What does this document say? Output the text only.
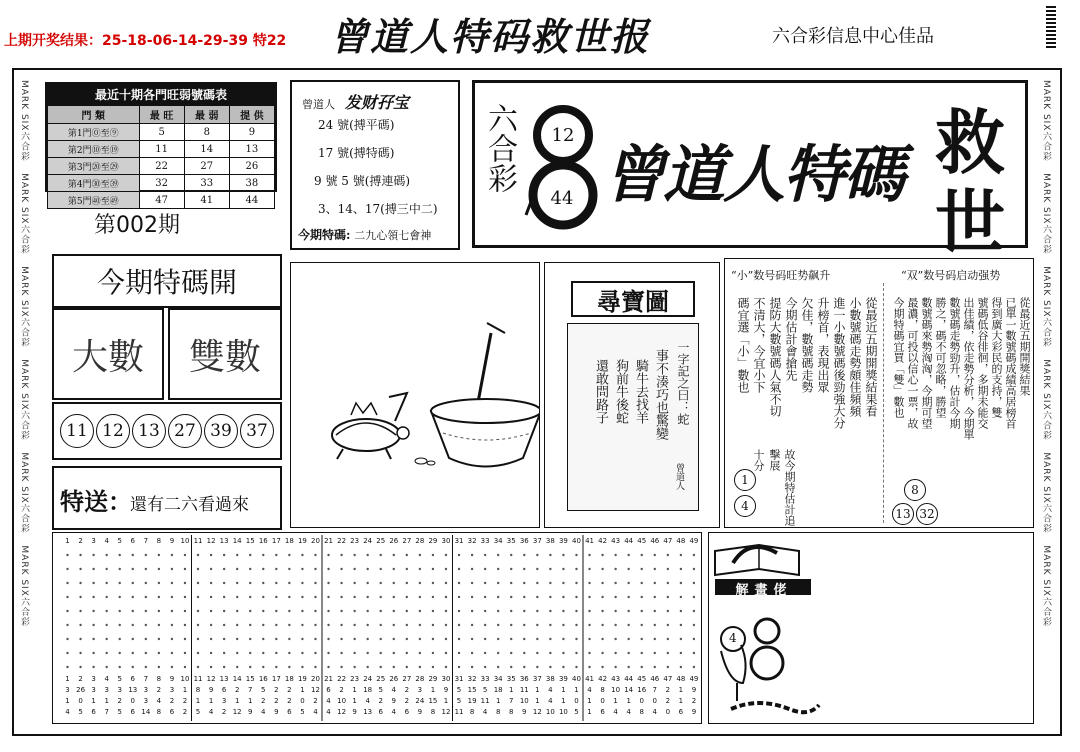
上期开奖结果：25-18-06-14-29-39 特22 曾道人特码救世报	六合彩信息中心佳品
MARK SIX六合彩   MARK SIX六合彩   MARK SIX六合彩   MARK SIX六合彩   MARK SIX六合彩   MARK SIX六合彩
MARK SIX六合彩   MARK SIX六合彩   MARK SIX六合彩   MARK SIX六合彩   MARK SIX六合彩   MARK SIX六合彩
最近十期各門旺弱號碼表
門 類	最 旺	最 弱	提 供
第1門⓪至⑨	5	8	9
第2門⑩至⑲	11	14	13
第3門⑳至㉙	22	27	26
第4門㉚至㊴	32	33	38
第5門㊵至㊾	47	41	44
第002期
曾道人 发财孖宝
24 號(搏平碼)
17 號(搏特碼)
9 號 5 號(搏連碼)
3、14、17(搏三中二)
今期特碼: 二九心領七會神
六合彩
12
44 曾道人特碼 救
世
今期特碼開
大數	雙數
11 12 13 27 39 37
特送：
還有二六看過來
尋寶圖
一字記之曰：蛇
事不湊巧也驚變
騎牛去找羊
狗前牛後蛇
還敢問路子
曾道人
“小”数号码旺势飙升	“双”数号码启动强势
從最近五期開獎結果看
小數號碼走勢頗佳頻頻
進一小數號碼後勁強大分
升榜首，表現出眾
欠佳，數號碼走勢
今期估計會搶先
提防大數號碼人氣不切
不清大，今宜小下
碼宜選「小」數也
故今期特估計追擊展
十分
1
4
從最近五期開獎結果
已單一數號碼成績高居榜首
得到廣大彩民的支持，雙
號碼低谷徘徊，多期未能交
出佳績，依走勢分析，今期單
數號碼走勢勁升，估計今期
勝之，碼不可忽略，勝望
數號碼來勢洶洶，今期可望
最濃，可投以信心一票，故
今期特碼宜買「雙」數也
8
13 32
1 2 3 4 5 6 7 8 9 10 11 12 13 14 15 16 17 18 19 20 21 22 23 24 25 26 27 28 29 30 31 32 33 34 35 36 37 38 39 40 41 42 43 44 45 46 47 48 49
1 2 3 4 5 6 7 8 9 10 11 12 13 14 15 16 17 18 19 20 21 22 23 24 25 26 27 28 29 30 31 32 33 34 35 36 37 38 39 40 41 42 43 44 45 46 47 48 49
3 26 3 3 3 13 3 2 3 1 8 9 6 2 7 5 2 2 1 12 6 2 1 18 5 4 2 3 1 9 5 15 5 18 1 11 1 4 1 1 4 8 10 14 16 7 2 1 9
1 0 1 1 2 0 3 4 2 2 1 1 3 1 1 2 2 2 0 2 4 10 1 4 2 9 2 24 15 1 5 19 11 1 7 10 1 4 1 0 1 0 1 1 0 0 2 1 2
4 5 6 7 5 6 14 8 6 2 5 4 2 12 9 4 9 6 5 4 4 12 9 13 6 4 6 9 8 12 11 8 4 8 8 9 12 10 10 5 1 6 4 4 8 4 0 6 9
解畫佬
4
